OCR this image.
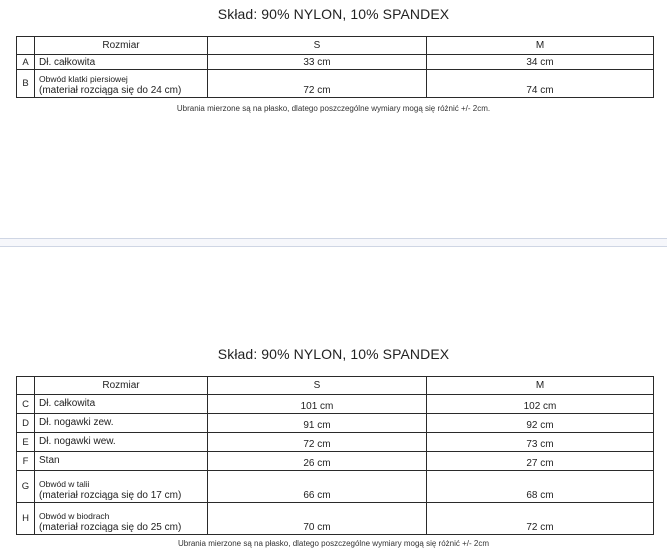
Skład: 90% NYLON, 10% SPANDEX
	Rozmiar	S	M
A	Dł. całkowita	33 cm	34 cm
B	Obwód klatki piersiowej
(materiał rozciąga się do 24 cm)	72 cm	74 cm
Ubrania mierzone są na płasko, dlatego poszczególne wymiary mogą się różnić +/- 2cm.
Skład: 90% NYLON, 10% SPANDEX
	Rozmiar	S	M
C	Dł. całkowita	101 cm	102 cm
D	Dł. nogawki zew.	91 cm	92 cm
E	Dł. nogawki wew.	72 cm	73 cm
F	Stan	26 cm	27 cm
G	Obwód w talii
(materiał rozciąga się do 17 cm)	66 cm	68 cm
H	Obwód w biodrach
(materiał rozciąga się do 25 cm)	70 cm	72 cm
Ubrania mierzone są na płasko, dlatego poszczególne wymiary mogą się różnić +/- 2cm
